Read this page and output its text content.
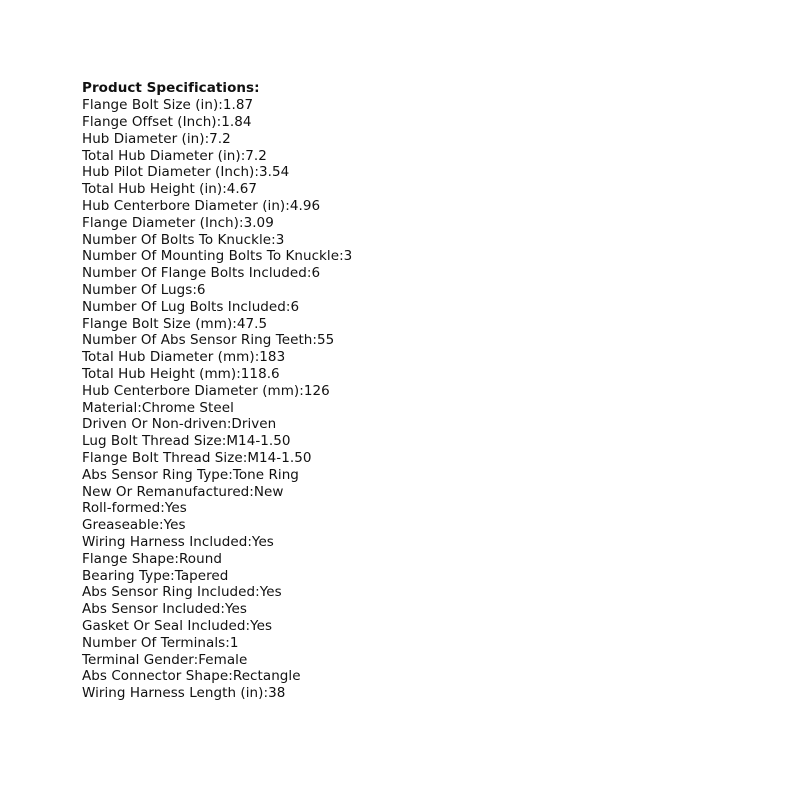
Product Specifications:
Flange Bolt Size (in):1.87
Flange Offset (Inch):1.84
Hub Diameter (in):7.2
Total Hub Diameter (in):7.2
Hub Pilot Diameter (Inch):3.54
Total Hub Height (in):4.67
Hub Centerbore Diameter (in):4.96
Flange Diameter (Inch):3.09
Number Of Bolts To Knuckle:3
Number Of Mounting Bolts To Knuckle:3
Number Of Flange Bolts Included:6
Number Of Lugs:6
Number Of Lug Bolts Included:6
Flange Bolt Size (mm):47.5
Number Of Abs Sensor Ring Teeth:55
Total Hub Diameter (mm):183
Total Hub Height (mm):118.6
Hub Centerbore Diameter (mm):126
Material:Chrome Steel
Driven Or Non-driven:Driven
Lug Bolt Thread Size:M14-1.50
Flange Bolt Thread Size:M14-1.50
Abs Sensor Ring Type:Tone Ring
New Or Remanufactured:New
Roll-formed:Yes
Greaseable:Yes
Wiring Harness Included:Yes
Flange Shape:Round
Bearing Type:Tapered
Abs Sensor Ring Included:Yes
Abs Sensor Included:Yes
Gasket Or Seal Included:Yes
Number Of Terminals:1
Terminal Gender:Female
Abs Connector Shape:Rectangle
Wiring Harness Length (in):38
